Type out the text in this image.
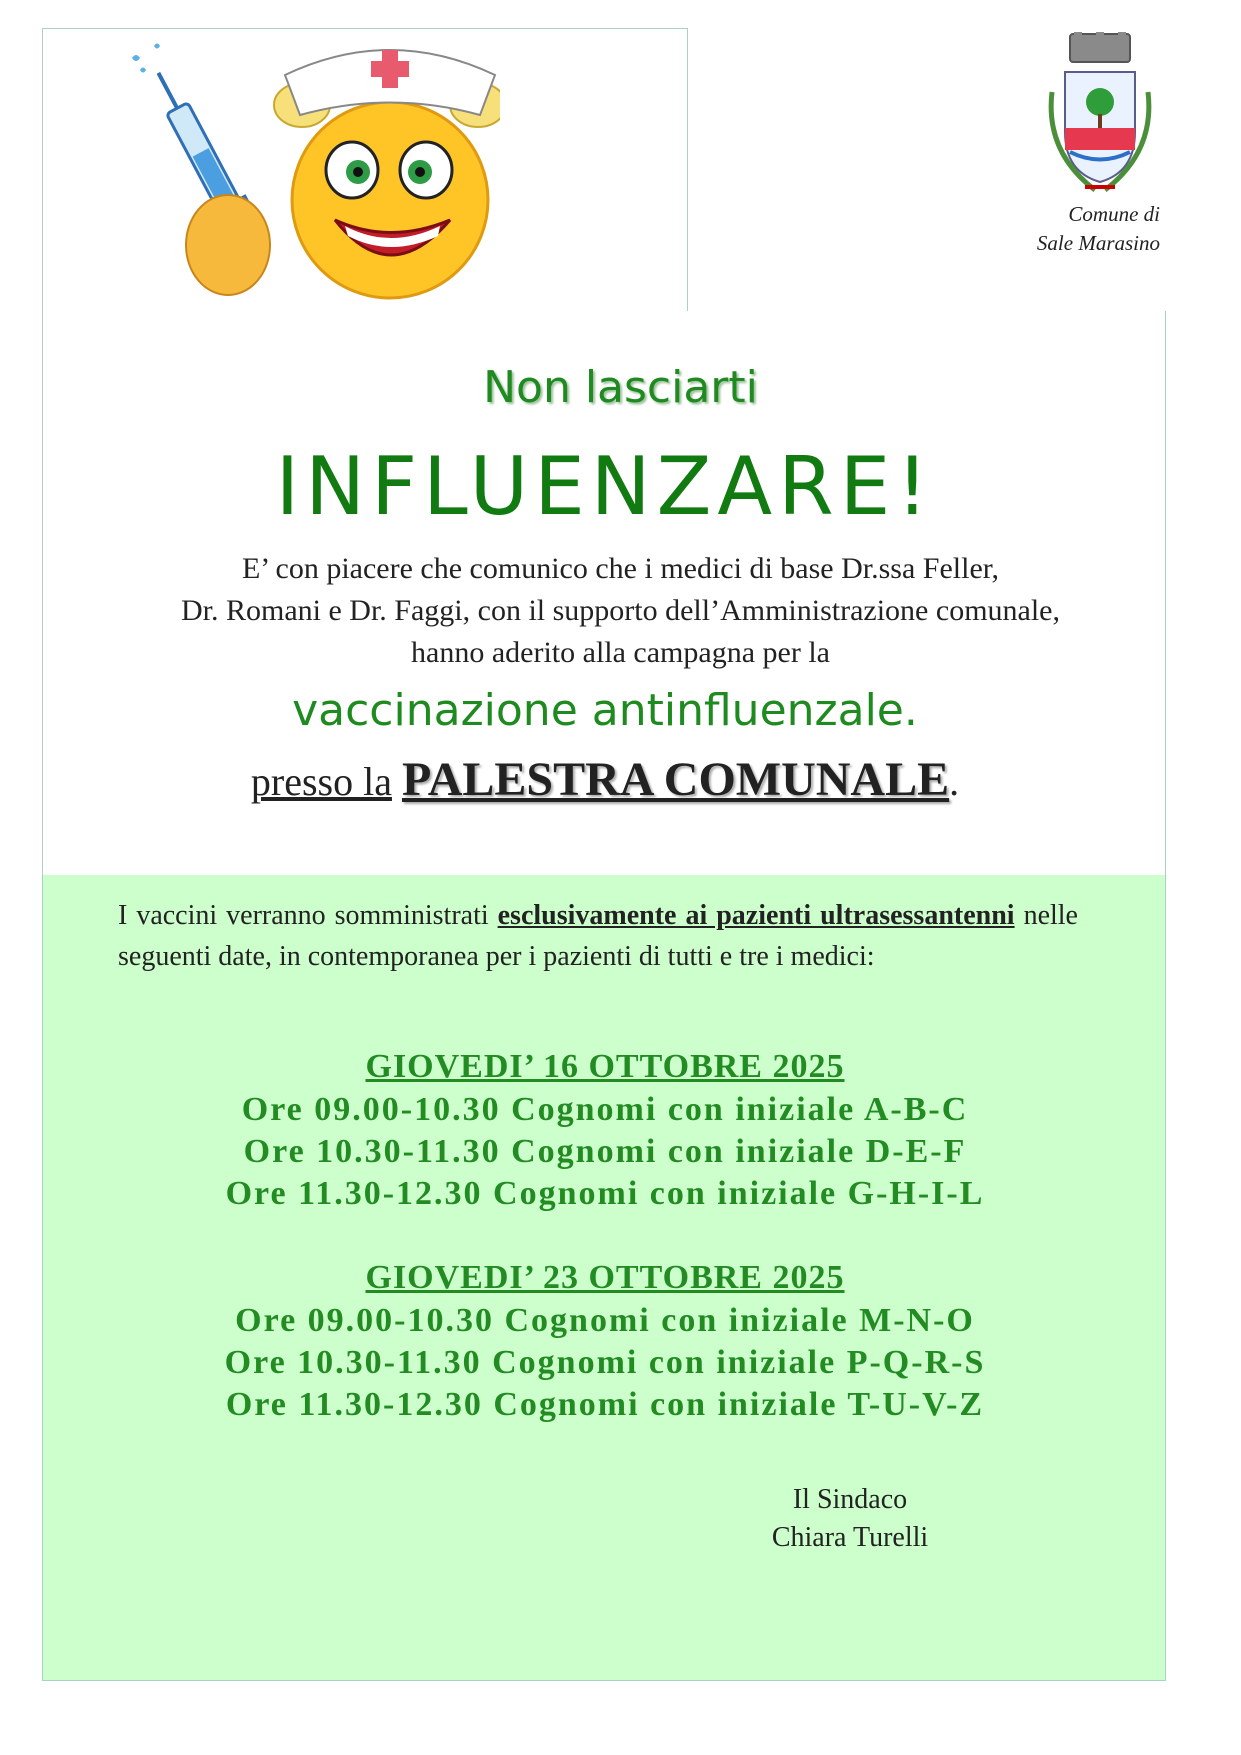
Comune di
Sale Marasino
Non lasciarti
INFLUENZARE!
E’ con piacere che comunico che i medici di base Dr.ssa Feller,
Dr. Romani e Dr. Faggi, con il supporto dell’Amministrazione comunale,
hanno aderito alla campagna per la
vaccinazione antinfluenzale.
presso la PALESTRA COMUNALE.
I vaccini verranno somministrati esclusivamente ai pazienti ultrasessantenni nelle seguenti date, in contemporanea per i pazienti di tutti e tre i medici:
GIOVEDI’ 16 OTTOBRE 2025
Ore 09.00-10.30 Cognomi con iniziale A-B-C
Ore 10.30-11.30 Cognomi con iniziale D-E-F
Ore 11.30-12.30 Cognomi con iniziale G-H-I-L
GIOVEDI’ 23 OTTOBRE 2025
Ore 09.00-10.30 Cognomi con iniziale M-N-O
Ore 10.30-11.30 Cognomi con iniziale P-Q-R-S
Ore 11.30-12.30 Cognomi con iniziale T-U-V-Z
Il Sindaco
Chiara Turelli
